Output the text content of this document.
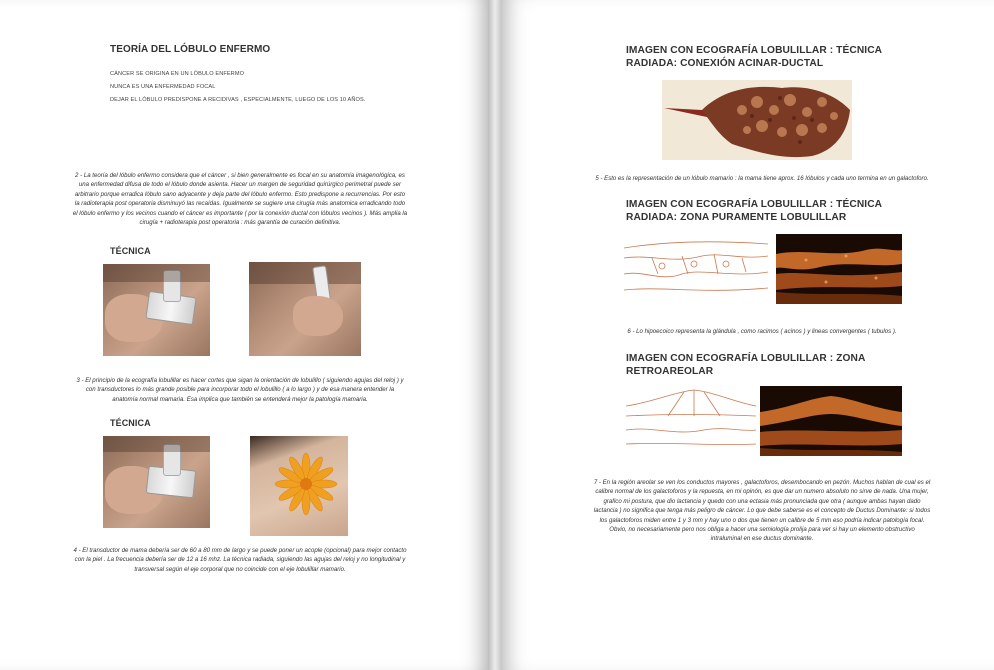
TEORÍA DEL LÓBULO ENFERMO
CÁNCER SE ORIGINA EN UN LÓBULO ENFERMO
NUNCA ES UNA ENFERMEDAD FOCAL
DEJAR EL LÓBULO PREDISPONE A RECIDIVAS , ESPECIALMENTE, LUEGO DE LOS 10 AÑOS.
2 - La teoría del lóbulo enfermo considera que el cáncer , si bien generalmente es focal en su anatomía imagenológica, es
una enfermedad difusa de todo el lóbulo donde asienta. Hacer un margen de seguridad quirúrgico perimetral puede ser
arbitrario porque erradica lóbulo sano adyacente y deja parte del lóbulo enfermo. Esto predispone a recurrencias. Por esto
la radioterapia post operatoria disminuyó las recaídas. Igualmente se sugiere una cirugía más anatomica erradicando todo
el lóbulo enfermo y los vecinos cuando el cáncer es importante ( por la conexión ductal con lóbulos vecinos ). Más amplia la
cirugía + radioterapia post operatoria : más garantía de curación definitiva.
TÉCNICA
3 - El principio de la ecografía lobulillar es hacer cortes que sigan la orientación de lobulillo ( siguiendo agujas del reloj ) y
con transductores lo más grande posible para incorporar todo el lobulillo ( a lo largo ) y de esa manera entender la
anatomía normal mamaria. Esa implica que también se entenderá mejor la patología mamaria.
TÉCNICA
4 - El transductor de mama debería ser de 60 a 80 mm de largo y se puede poner un acople (opcional) para mejor contacto
con la piel . La frecuencia debería ser de 12 a 16 mhz. La técnica radiada, siguiendo las agujas del reloj y no longitudinal y
transversal según el eje corporal que no coincide con el eje lobulillar mamario.
IMAGEN CON ECOGRAFÍA LOBULILLAR : TÉCNICA
RADIADA: CONEXIÓN ACINAR-DUCTAL
5 - Esto es la representación de un lóbulo mamario : la mama tiene aprox. 16 lóbulos y cada uno termina en un galactoforo.
IMAGEN CON ECOGRAFÍA LOBULILLAR : TÉCNICA
RADIADA: ZONA PURAMENTE LOBULILLAR
6 - Lo hipoecoico representa la glándula , como racimos ( acinos ) y lineas convergentes ( tubulos ).
IMAGEN CON ECOGRAFÍA LOBULILLAR : ZONA
RETROAREOLAR
7 - En la región areolar se ven los conductos mayores , galactoforos, desembocando en pezón. Muchos hablan de cual es el
calibre normal de los galactoforos y la repuesta, en mi opinón, es que dar un numero absoluto no sirve de nada. Una mujer,
grafico mi postura, que dio lactancia y quedo con una ectasia más pronunciada que otra ( aunque ambas hayan dado
lactancia ) no significa que tenga más peligro de cáncer. Lo que debe saberse es el concepto de Ductus Dominante: si todos
los galactoforos miden entre 1 y 3 mm y hay uno o dos que tienen un calibre de 5 mm eso podría indicar patología focal.
Obvio, no necesariamente pero nos obliga a hacer una semiología prolija para ver si hay un elemento obstructivo
intraluminal en ese ductus dominante.
